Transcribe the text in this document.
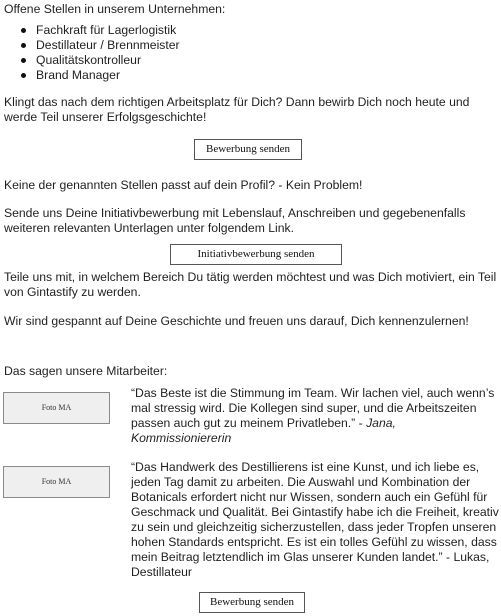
Offene Stellen in unserem Unternehmen:
Fachkraft für Lagerlogistik
Destillateur / Brennmeister
Qualitätskontrolleur
Brand Manager
Klingt das nach dem richtigen Arbeitsplatz für Dich? Dann bewirb Dich noch heute und werde Teil unserer Erfolgsgeschichte!
Bewerbung senden
Keine der genannten Stellen passt auf dein Profil? - Kein Problem!
Sende uns Deine Initiativbewerbung mit Lebenslauf, Anschreiben und gegebenenfalls weiteren relevanten Unterlagen unter folgendem Link.
Initiativbewerbung senden
Teile uns mit, in welchem Bereich Du tätig werden möchtest und was Dich motiviert, ein Teil von Gintastify zu werden.
Wir sind gespannt auf Deine Geschichte und freuen uns darauf, Dich kennenzulernen!
Das sagen unsere Mitarbeiter:
Foto MA
“Das Beste ist die Stimmung im Team. Wir lachen viel, auch wenn’s mal stressig wird. Die Kollegen sind super, und die Arbeitszeiten passen auch gut zu meinem Privatleben.” - Jana, Kommissioniererin
Foto MA
“Das Handwerk des Destillierens ist eine Kunst, und ich liebe es, jeden Tag damit zu arbeiten. Die Auswahl und Kombination der Botanicals erfordert nicht nur Wissen, sondern auch ein Gefühl für Geschmack und Qualität. Bei Gintastify habe ich die Freiheit, kreativ zu sein und gleichzeitig sicherzustellen, dass jeder Tropfen unseren hohen Standards entspricht. Es ist ein tolles Gefühl zu wissen, dass mein Beitrag letztendlich im Glas unserer Kunden landet.” - Lukas, Destillateur
Bewerbung senden
